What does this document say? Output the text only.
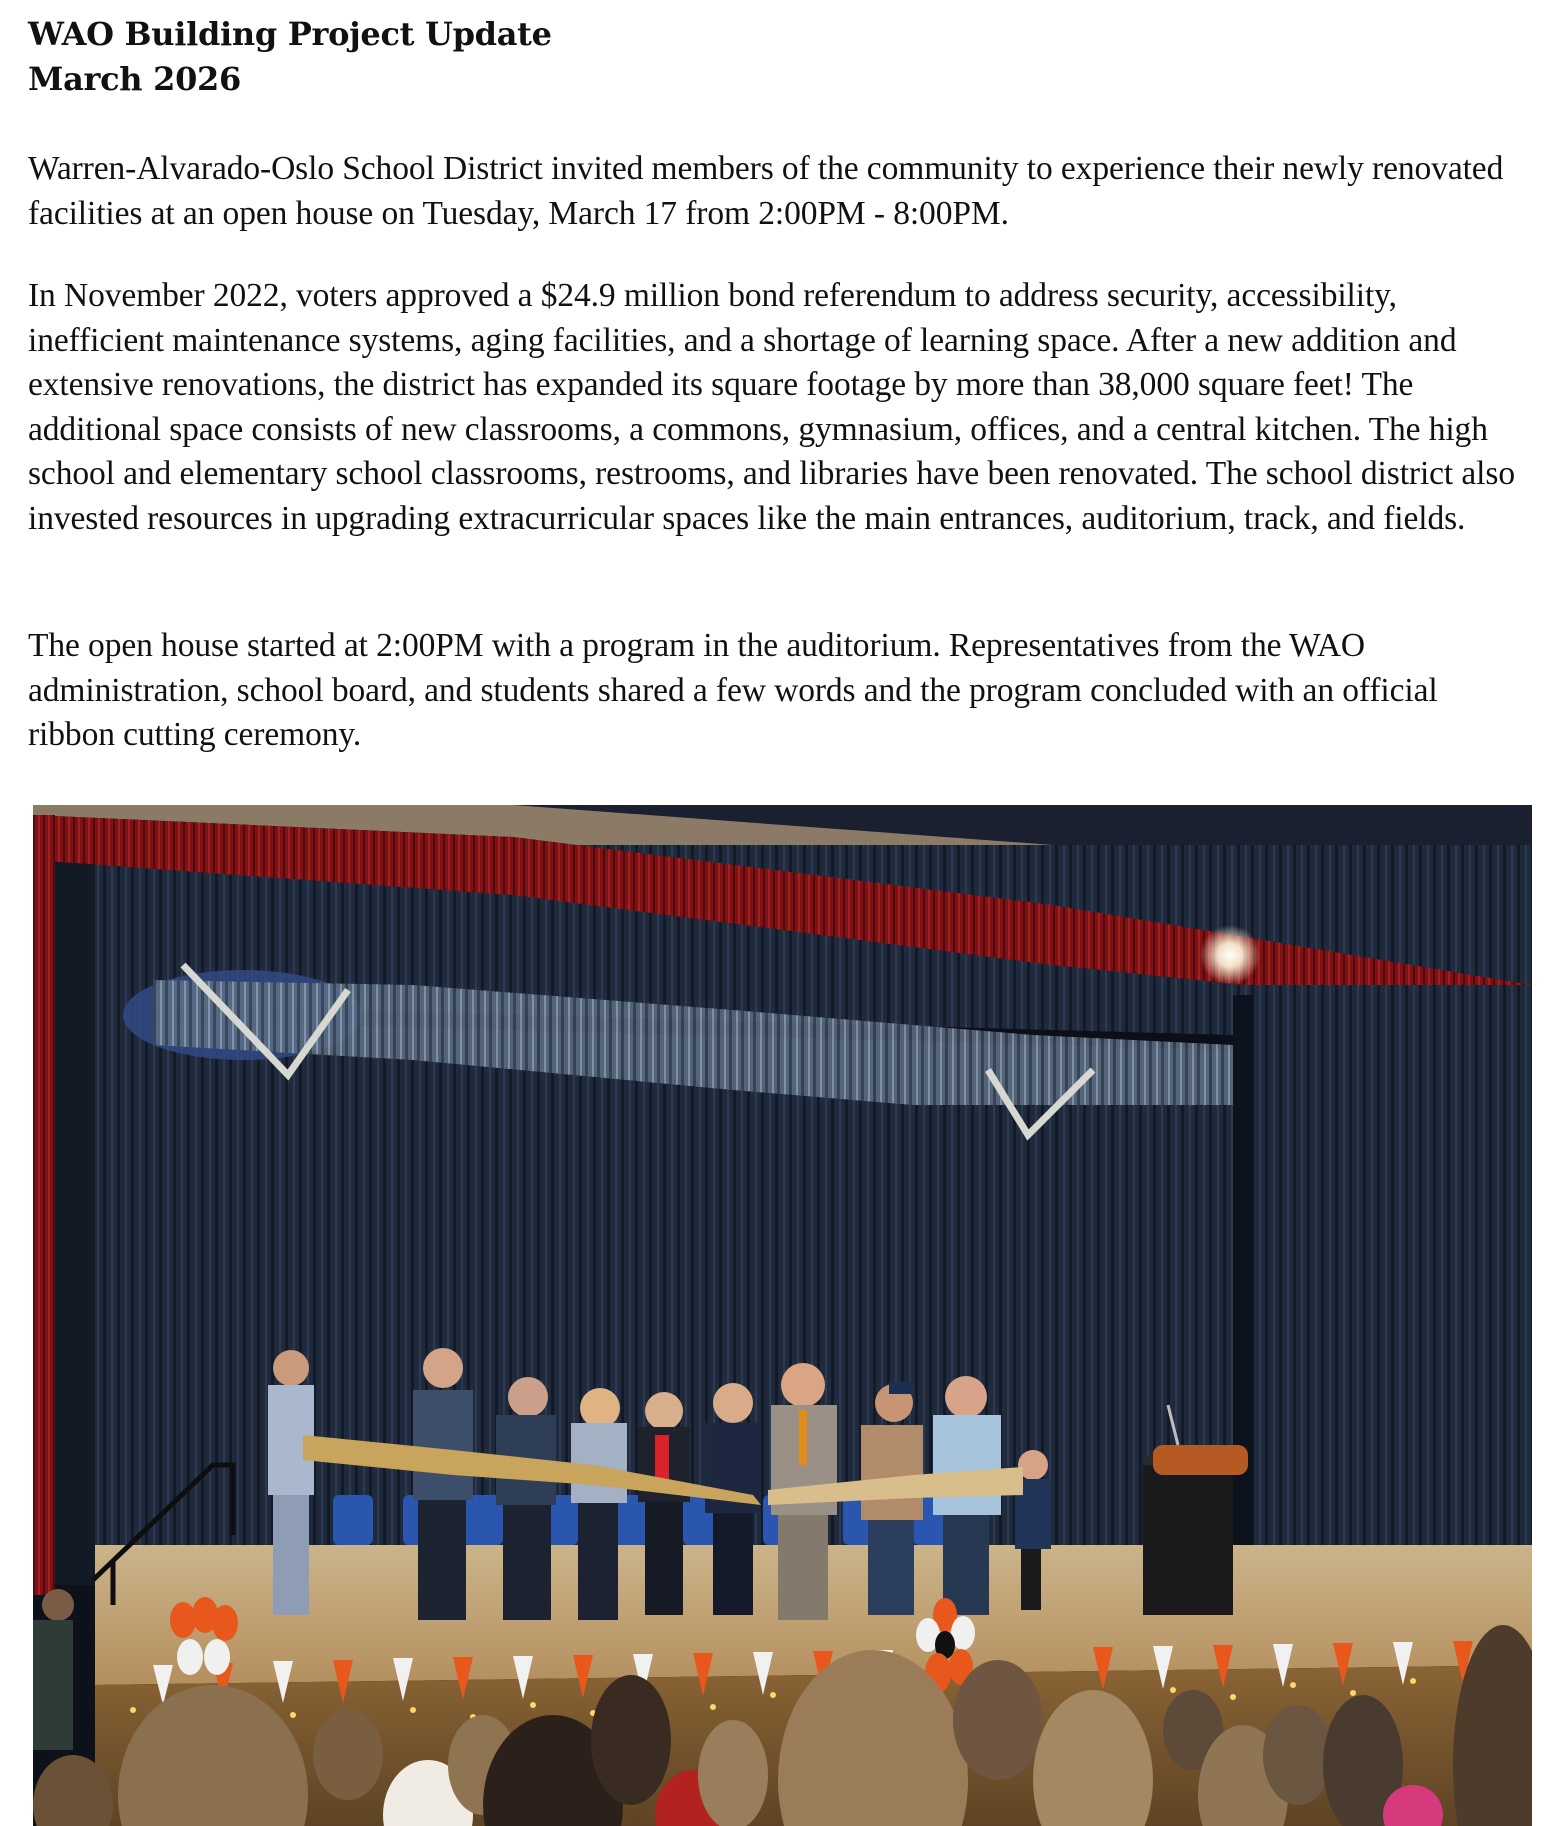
WAO Building Project Update
March 2026

Warren-Alvarado-Oslo School District invited members of the community to experience their newly renovated facilities at an open house on Tuesday, March 17 from 2:00PM - 8:00PM.

In November 2022, voters approved a $24.9 million bond referendum to address security, accessibility, inefficient maintenance systems, aging facilities, and a shortage of learning space. After a new addition and extensive renovations, the district has expanded its square footage by more than 38,000 square feet! The additional space consists of new classrooms, a commons, gymnasium, offices, and a central kitchen. The high school and elementary school classrooms, restrooms, and libraries have been renovated. The school district also invested resources in upgrading extracurricular spaces like the main entrances, auditorium, track, and fields.

The open house started at 2:00PM with a program in the auditorium. Representatives from the WAO administration, school board, and students shared a few words and the program concluded with an official ribbon cutting ceremony.
